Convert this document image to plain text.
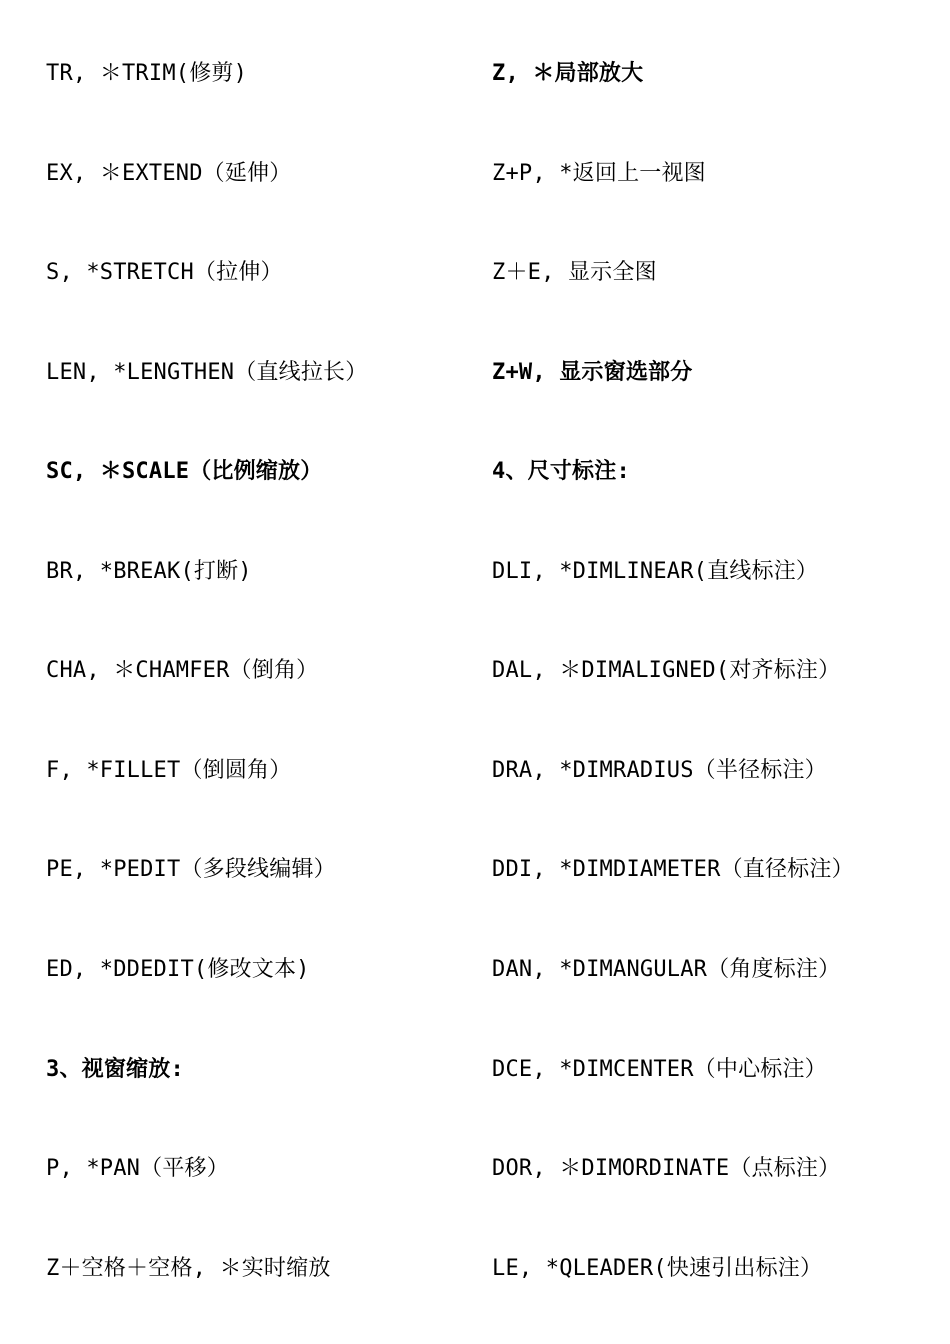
TR, ＊TRIM(修剪)
EX, ＊EXTEND（延伸）
S, *STRETCH（拉伸）
LEN, *LENGTHEN（直线拉长）
SC, ＊SCALE（比例缩放）
BR, *BREAK(打断)
CHA, ＊CHAMFER（倒角）
F, *FILLET（倒圆角）
PE, *PEDIT（多段线编辑）
ED, *DDEDIT(修改文本)
3、视窗缩放:
P, *PAN（平移）
Z＋空格＋空格, ＊实时缩放
Z, ＊局部放大
Z+P, *返回上一视图
Z＋E, 显示全图
Z+W, 显示窗选部分
4、尺寸标注:
DLI, *DIMLINEAR(直线标注）
DAL, ＊DIMALIGNED(对齐标注）
DRA, *DIMRADIUS（半径标注）
DDI, *DIMDIAMETER（直径标注）
DAN, *DIMANGULAR（角度标注）
DCE, *DIMCENTER（中心标注）
DOR, ＊DIMORDINATE（点标注）
LE, *QLEADER(快速引出标注）
